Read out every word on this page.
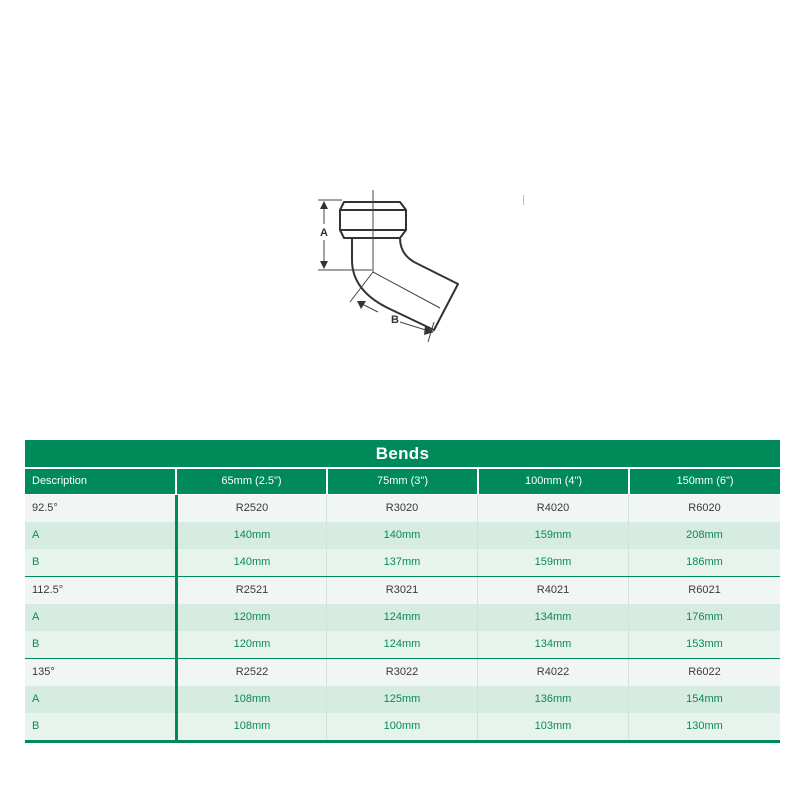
A
B
Bends
Description	65mm (2.5")	75mm (3")	100mm (4")	150mm (6")
92.5°	R2520	R3020	R4020	R6020
A	140mm	140mm	159mm	208mm
B	140mm	137mm	159mm	186mm
112.5°	R2521	R3021	R4021	R6021
A	120mm	124mm	134mm	176mm
B	120mm	124mm	134mm	153mm
135°	R2522	R3022	R4022	R6022
A	108mm	125mm	136mm	154mm
B	108mm	100mm	103mm	130mm
